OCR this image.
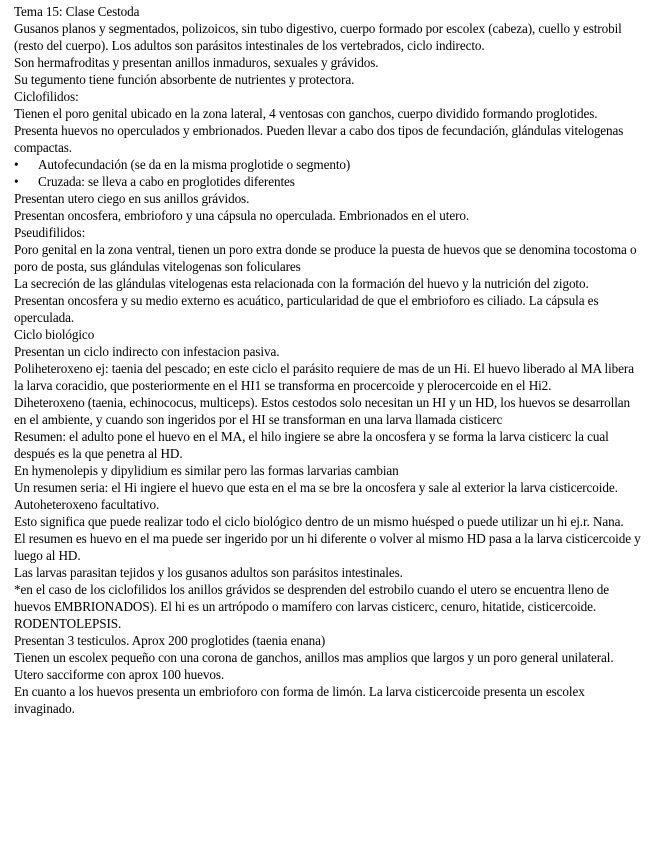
Tema 15: Clase Cestoda

Gusanos planos y segmentados, polizoicos, sin tubo digestivo, cuerpo formado por escolex (cabeza), cuello y estrobil (resto del cuerpo). Los adultos son parásitos intestinales de los vertebrados, ciclo indirecto.

Son hermafroditas y presentan anillos inmaduros, sexuales y grávidos.

Su tegumento tiene función absorbente de nutrientes y protectora.

Ciclofilidos:

Tienen el poro genital ubicado en la zona lateral, 4 ventosas con ganchos, cuerpo dividido formando proglotides. Presenta huevos no operculados y embrionados. Pueden llevar a cabo dos tipos de fecundación, glándulas vitelogenas compactas.

•	Autofecundación (se da en la misma proglotide o segmento)
•	Cruzada: se lleva a cabo en proglotides diferentes

Presentan utero ciego en sus anillos grávidos.

Presentan oncosfera, embrioforo y una cápsula no operculada. Embrionados en el utero.

Pseudifilidos:

Poro genital en la zona ventral, tienen un poro extra donde se produce la puesta de huevos que se denomina tocostoma o poro de posta, sus glándulas vitelogenas son foliculares

La secreción de las glándulas vitelogenas esta relacionada con la formación del huevo y la nutrición del zigoto. Presentan oncosfera y su medio externo es acuático, particularidad de que el embrioforo es ciliado. La cápsula es operculada.

Ciclo biológico

Presentan un ciclo indirecto con infestacion pasiva.

Poliheteroxeno ej: taenia del pescado; en este ciclo el parásito requiere de mas de un Hi. El huevo liberado al MA libera la larva coracidio, que posteriormente en el HI1 se transforma en procercoide y plerocercoide en el Hi2.

Diheteroxeno (taenia, echinococus, multiceps). Estos cestodos solo necesitan un HI y un HD, los huevos se desarrollan en el ambiente, y cuando son ingeridos por el HI se transforman en una larva llamada cisticerc

Resumen: el adulto pone el huevo en el MA, el hilo ingiere se abre la oncosfera y se forma la larva cisticerc la cual después es la que penetra al HD.

En hymenolepis y dipylidium es similar pero las formas larvarias cambian

Un resumen seria: el Hi ingiere el huevo que esta en el ma se bre la oncosfera y sale al exterior la larva cisticercoide.

Autoheteroxeno facultativo.

Esto significa que puede realizar todo el ciclo biológico dentro de un mismo huésped o puede utilizar un hi ej.r. Nana.

El resumen es huevo en el ma puede ser ingerido por un hi diferente o volver al mismo HD pasa a la larva cisticercoide y luego al HD.

Las larvas parasitan tejidos y los gusanos adultos son parásitos intestinales.

*en el caso de los ciclofilidos los anillos grávidos se desprenden del estrobilo cuando el utero se encuentra lleno de huevos EMBRIONADOS). El hi es un artrópodo o mamífero con larvas cisticerc, cenuro, hitatide, cisticercoide.

RODENTOLEPSIS.

Presentan 3 testiculos. Aprox 200 proglotides (taenia enana)

Tienen un escolex pequeño con una corona de ganchos, anillos mas amplios que largos y un poro general unilateral. Utero sacciforme con aprox 100 huevos.

En cuanto a los huevos presenta un embrioforo con forma de limón. La larva cisticercoide presenta un escolex invaginado.
